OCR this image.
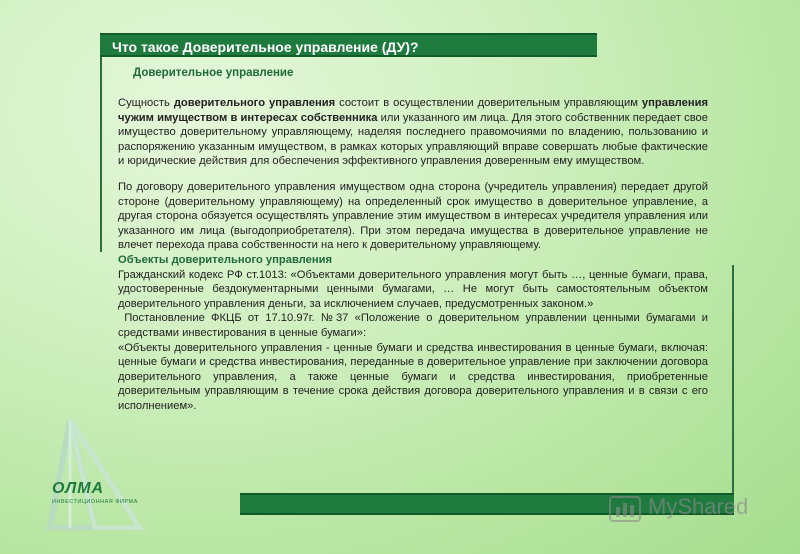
Что такое Доверительное управление (ДУ)?
Доверительное управление

Сущность доверительного управления состоит в осуществлении доверительным управляющим управления чужим имуществом в интересах собственника или указанного им лица. Для этого собственник передает свое имущество доверительному управляющему, наделяя последнего правомочиями по владению, пользованию и распоряжению указанным имуществом, в рамках которых управляющий вправе совершать любые фактические и юридические действия для обеспечения эффективного управления доверенным ему имуществом.

По договору доверительного управления имуществом одна сторона (учредитель управления) передает другой стороне (доверительному управляющему) на определенный срок имущество в доверительное управление, а другая сторона обязуется осуществлять управление этим имуществом в интересах учредителя управления или указанного им лица (выгодоприобретателя). При этом передача имущества в доверительное управление не влечет перехода права собственности на него к доверительному управляющему.

Объекты доверительного управления

Гражданский кодекс РФ ст.1013: «Объектами доверительного управления могут быть …, ценные бумаги, права, удостоверенные бездокументарными ценными бумагами, … Не могут быть самостоятельным объектом доверительного управления деньги, за исключением случаев, предусмотренных законом.»

Постановление ФКЦБ от 17.10.97г. №37 «Положение о доверительном управлении ценными бумагами и средствами инвестирования в ценные бумаги»:

«Объекты доверительного управления - ценные бумаги и средства инвестирования в ценные бумаги, включая: ценные бумаги и средства инвестирования, переданные в доверительное управление при заключении договора доверительного управления, а также ценные бумаги и средства инвестирования, приобретенные доверительным управляющим в течение срока действия договора доверительного управления и в связи с его исполнением».

ОЛМА
ИНВЕСТИЦИОННАЯ ФИРМА	MyShared
